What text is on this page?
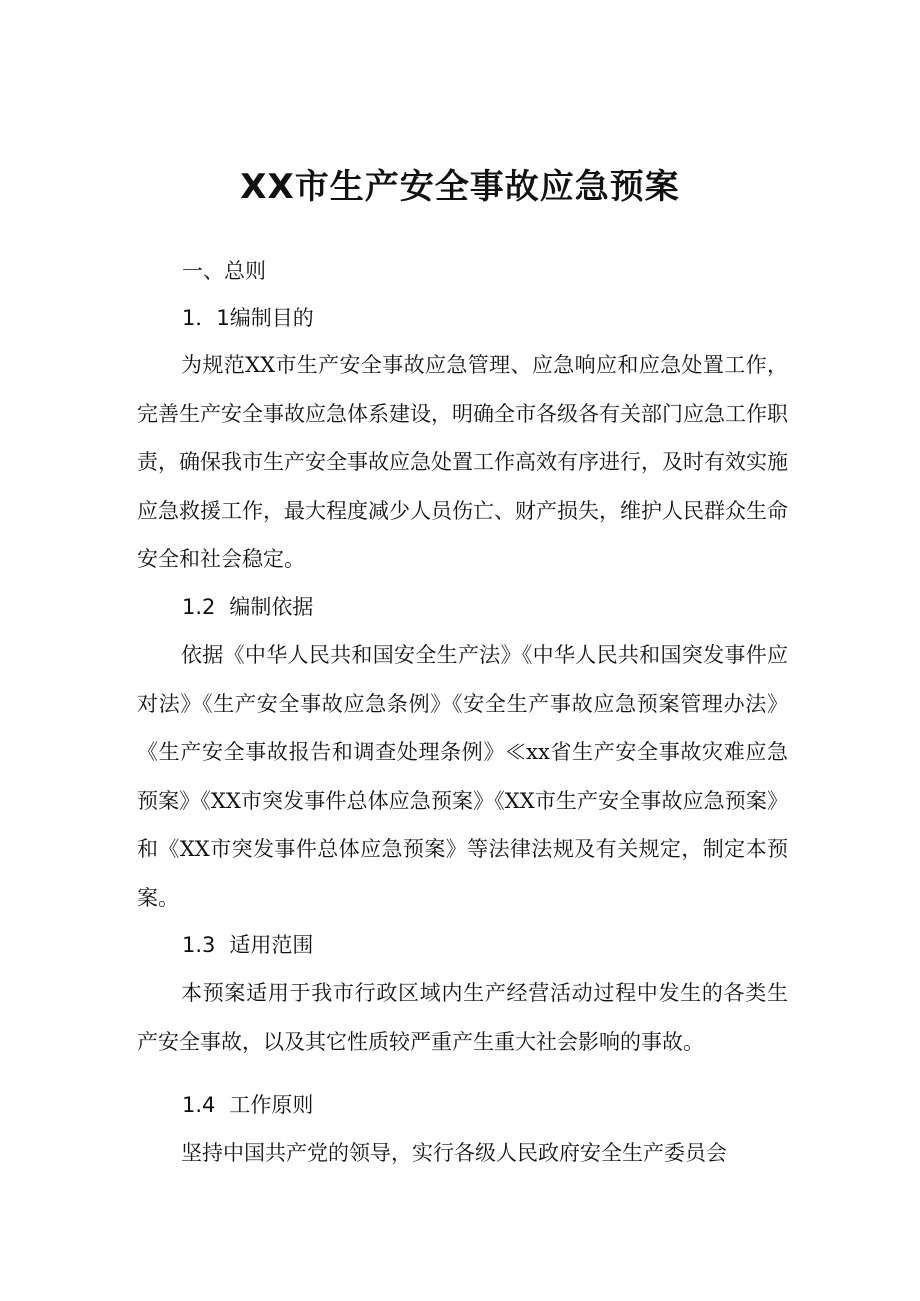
XX市生产安全事故应急预案
一、总则
1．1编制目的

为规范XX市生产安全事故应急管理、应急响应和应急处置工作，完善生产安全事故应急体系建设，明确全市各级各有关部门应急工作职责，确保我市生产安全事故应急处置工作高效有序进行，及时有效实施应急救援工作，最大程度减少人员伤亡、财产损失，维护人民群众生命安全和社会稳定。

1.2 编制依据

依据《中华人民共和国安全生产法》《中华人民共和国突发事件应对法》《生产安全事故应急条例》《安全生产事故应急预案管理办法》《生产安全事故报告和调查处理条例》≪xx省生产安全事故灾难应急预案》《XX市突发事件总体应急预案》《XX市生产安全事故应急预案》和《XX市突发事件总体应急预案》等法律法规及有关规定，制定本预案。

1.3 适用范围

本预案适用于我市行政区域内生产经营活动过程中发生的各类生产安全事故，以及其它性质较严重产生重大社会影响的事故。

1.4 工作原则

坚持中国共产党的领导，实行各级人民政府安全生产委员会
